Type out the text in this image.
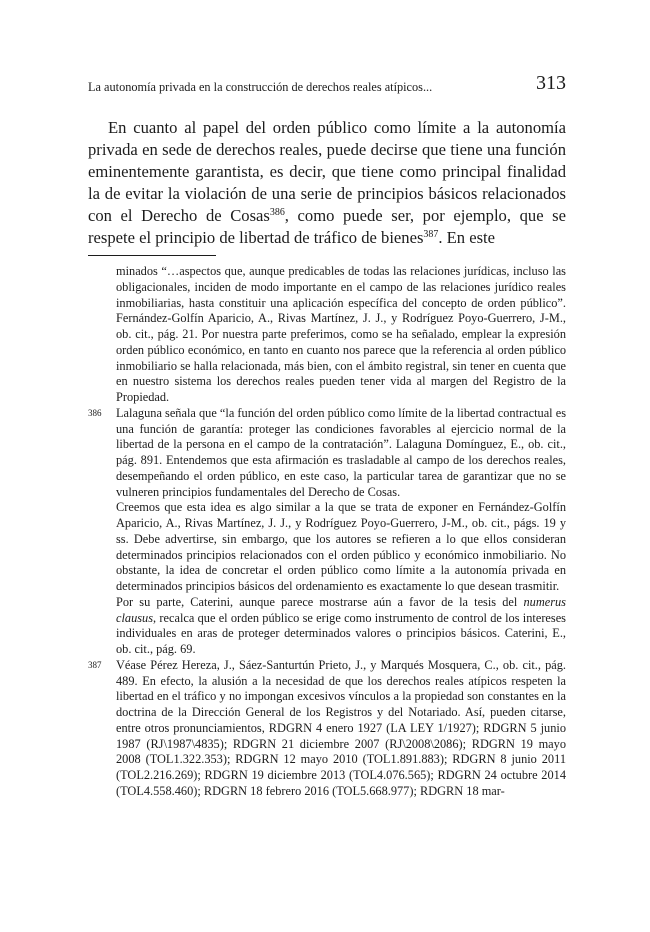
La autonomía privada en la construcción de derechos reales atípicos...	313

En cuanto al papel del orden público como límite a la autonomía privada en sede de derechos reales, puede decirse que tiene una función eminentemente garantista, es decir, que tiene como principal finalidad la de evitar la violación de una serie de principios básicos relacionados con el Derecho de Cosas$^{386}$, como puede ser, por ejemplo, que se respete el principio de libertad de tráfico de bienes$^{387}$. En este

minados “…aspectos que, aunque predicables de todas las relaciones jurídicas, incluso las obligacionales, inciden de modo importante en el campo de las relaciones jurídico reales inmobiliarias, hasta constituir una aplicación específica del concepto de orden público”. Fernández-Golfín Aparicio, A., Rivas Martínez, J. J., y Rodríguez Poyo-Guerrero, J-M., ob. cit., pág. 21. Por nuestra parte preferimos, como se ha señalado, emplear la expresión orden público económico, en tanto en cuanto nos parece que la referencia al orden público inmobiliario se halla relacionada, más bien, con el ámbito registral, sin tener en cuenta que en nuestro sistema los derechos reales pueden tener vida al margen del Registro de la Propiedad.

386 Lalaguna señala que “la función del orden público como límite de la libertad contractual es una función de garantía: proteger las condiciones favorables al ejercicio normal de la libertad de la persona en el campo de la contratación”. Lalaguna Domínguez, E., ob. cit., pág. 891. Entendemos que esta afirmación es trasladable al campo de los derechos reales, desempeñando el orden público, en este caso, la particular tarea de garantizar que no se vulneren principios fundamentales del Derecho de Cosas.

Creemos que esta idea es algo similar a la que se trata de exponer en Fernández-Golfín Aparicio, A., Rivas Martínez, J. J., y Rodríguez Poyo-Guerrero, J-M., ob. cit., págs. 19 y ss. Debe advertirse, sin embargo, que los autores se refieren a lo que ellos consideran determinados principios relacionados con el orden público y económico inmobiliario. No obstante, la idea de concretar el orden público como límite a la autonomía privada en determinados principios básicos del ordenamiento es exactamente lo que desean trasmitir.

Por su parte, Caterini, aunque parece mostrarse aún a favor de la tesis del numerus clausus, recalca que el orden público se erige como instrumento de control de los intereses individuales en aras de proteger determinados valores o principios básicos. Caterini, E., ob. cit., pág. 69.

387 Véase Pérez Hereza, J., Sáez-Santurtún Prieto, J., y Marqués Mosquera, C., ob. cit., pág. 489. En efecto, la alusión a la necesidad de que los derechos reales atípicos respeten la libertad en el tráfico y no impongan excesivos vínculos a la propiedad son constantes en la doctrina de la Dirección General de los Registros y del Notariado. Así, pueden citarse, entre otros pronunciamientos, RDGRN 4 enero 1927 (LA LEY 1/1927); RDGRN 5 junio 1987 (RJ\1987\4835); RDGRN 21 diciembre 2007 (RJ\2008\2086); RDGRN 19 mayo 2008 (TOL1.322.353); RDGRN 12 mayo 2010 (TOL1.891.883); RDGRN 8 junio 2011 (TOL2.216.269); RDGRN 19 diciembre 2013 (TOL4.076.565); RDGRN 24 octubre 2014 (TOL4.558.460); RDGRN 18 febrero 2016 (TOL5.668.977); RDGRN 18 mar-
